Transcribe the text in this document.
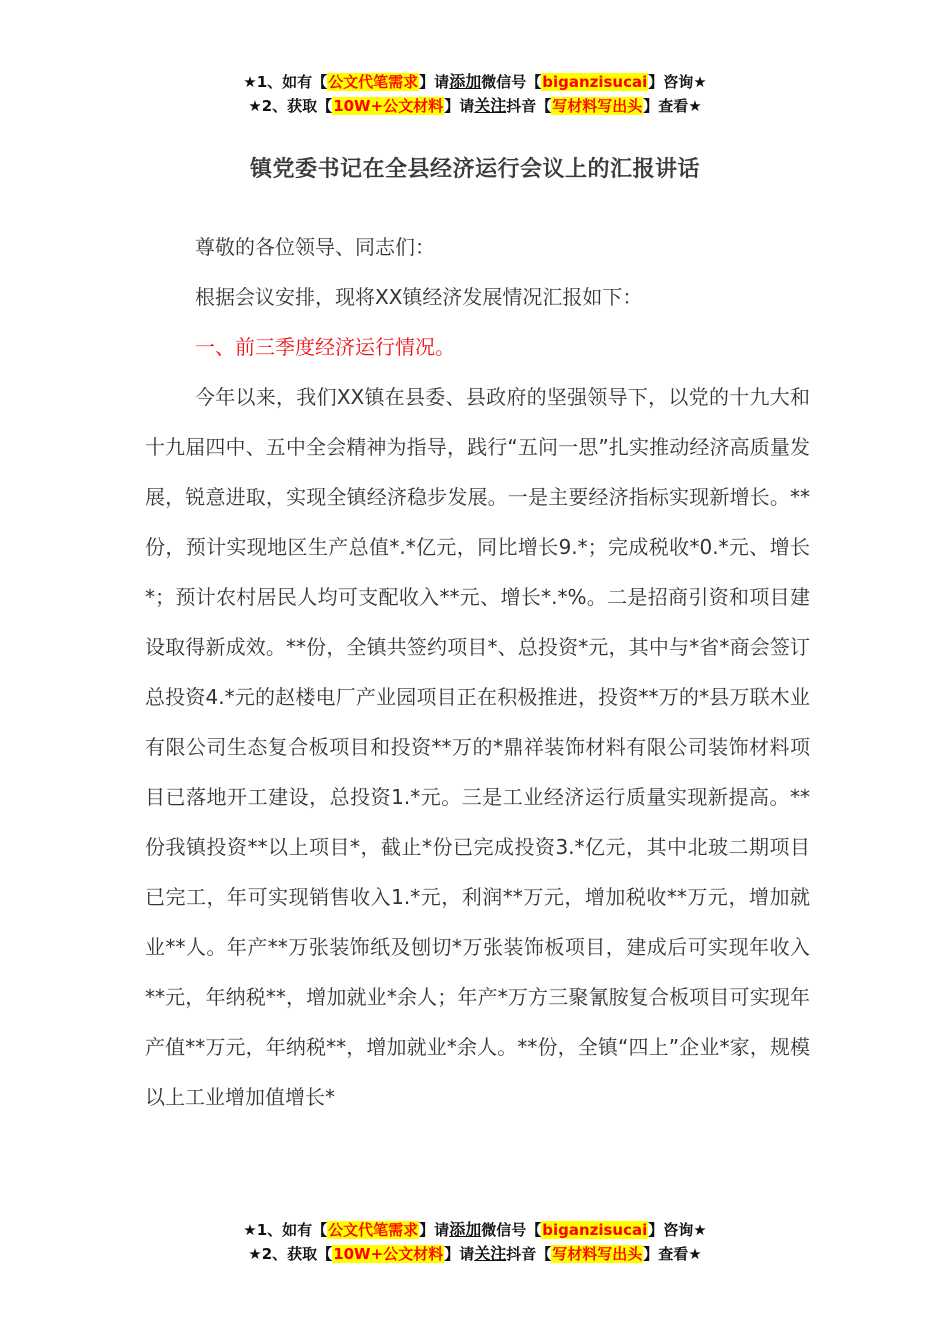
★1、如有【公文代笔需求】请添加微信号【biganzisucai】咨询★
★2、获取【10W+公文材料】请关注抖音【写材料写出头】查看★
镇党委书记在全县经济运行会议上的汇报讲话

尊敬的各位领导、同志们：

根据会议安排，现将XX镇经济发展情况汇报如下：

一、前三季度经济运行情况。

今年以来，我们XX镇在县委、县政府的坚强领导下，以党的十九大和十九届四中、五中全会精神为指导，践行“五问一思”扎实推动经济高质量发展，锐意进取，实现全镇经济稳步发展。一是主要经济指标实现新增长。**份，预计实现地区生产总值*.*亿元，同比增长9.*；完成税收*0.*元、增长*；预计农村居民人均可支配收入**元、增长*.*%。二是招商引资和项目建设取得新成效。**份，全镇共签约项目*、总投资*元，其中与*省*商会签订总投资4.*元的赵楼电厂产业园项目正在积极推进，投资**万的*县万联木业有限公司生态复合板项目和投资**万的*鼎祥装饰材料有限公司装饰材料项目已落地开工建设，总投资1.*元。三是工业经济运行质量实现新提高。**份我镇投资**以上项目*，截止*份已完成投资3.*亿元，其中北玻二期项目已完工，年可实现销售收入1.*元，利润**万元，增加税收**万元，增加就业**人。年产**万张装饰纸及刨切*万张装饰板项目，建成后可实现年收入**元，年纳税**，增加就业*余人；年产*万方三聚氰胺复合板项目可实现年产值**万元，年纳税**，增加就业*余人。**份，全镇“四上”企业*家，规模以上工业增加值增长*

★1、如有【公文代笔需求】请添加微信号【biganzisucai】咨询★
★2、获取【10W+公文材料】请关注抖音【写材料写出头】查看★
